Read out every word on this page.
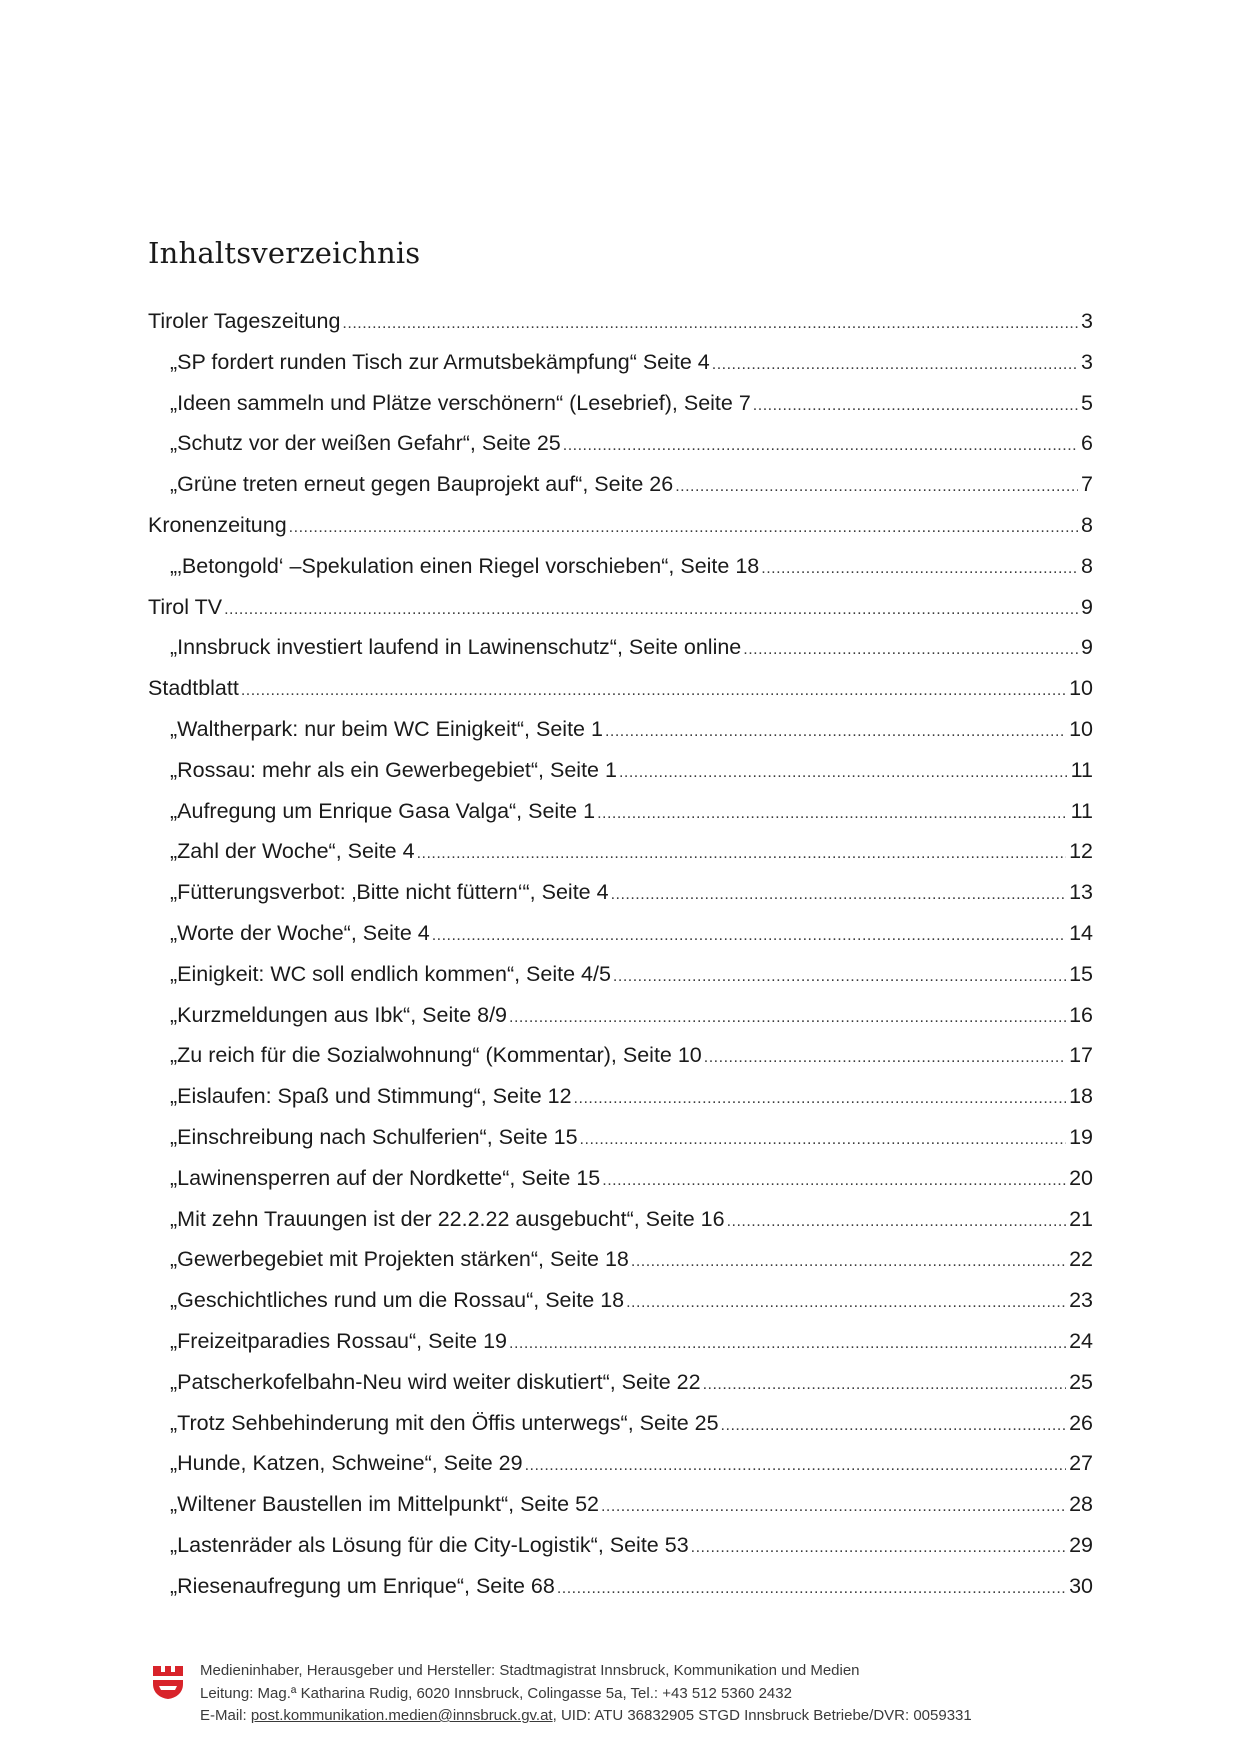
Inhaltsverzeichnis
Tiroler Tageszeitung .....	3
„SP fordert runden Tisch zur Armutsbekämpfung“ Seite 4 .....	3
„Ideen sammeln und Plätze verschönern“ (Lesebrief), Seite 7 .....	5
„Schutz vor der weißen Gefahr“, Seite 25 .....	6
„Grüne treten erneut gegen Bauprojekt auf“, Seite 26 .....	7
Kronenzeitung .....	8
„‚Betongold‘ –Spekulation einen Riegel vorschieben“, Seite 18 .....	8
Tirol TV .....	9
„Innsbruck investiert laufend in Lawinenschutz“, Seite online .....	9
Stadtblatt .....	10
„Waltherpark: nur beim WC Einigkeit“, Seite 1 .....	10
„Rossau: mehr als ein Gewerbegebiet“, Seite 1 .....	11
„Aufregung um Enrique Gasa Valga“, Seite 1 .....	11
„Zahl der Woche“, Seite 4 .....	12
„Fütterungsverbot: ‚Bitte nicht füttern‘“, Seite 4 .....	13
„Worte der Woche“, Seite 4 .....	14
„Einigkeit: WC soll endlich kommen“, Seite 4/5 .....	15
„Kurzmeldungen aus Ibk“, Seite 8/9 .....	16
„Zu reich für die Sozialwohnung“ (Kommentar), Seite 10 .....	17
„Eislaufen: Spaß und Stimmung“, Seite 12 .....	18
„Einschreibung nach Schulferien“, Seite 15 .....	19
„Lawinensperren auf der Nordkette“, Seite 15 .....	20
„Mit zehn Trauungen ist der 22.2.22 ausgebucht“, Seite 16 .....	21
„Gewerbegebiet mit Projekten stärken“, Seite 18 .....	22
„Geschichtliches rund um die Rossau“, Seite 18 .....	23
„Freizeitparadies Rossau“, Seite 19 .....	24
„Patscherkofelbahn-Neu wird weiter diskutiert“, Seite 22 .....	25
„Trotz Sehbehinderung mit den Öffis unterwegs“, Seite 25 .....	26
„Hunde, Katzen, Schweine“, Seite 29 .....	27
„Wiltener Baustellen im Mittelpunkt“, Seite 52 .....	28
„Lastenräder als Lösung für die City-Logistik“, Seite 53 .....	29
„Riesenaufregung um Enrique“, Seite 68 .....	30
Medieninhaber, Herausgeber und Hersteller: Stadtmagistrat Innsbruck, Kommunikation und Medien
Leitung: Mag.ª Katharina Rudig, 6020 Innsbruck, Colingasse 5a, Tel.: +43 512 5360 2432
E-Mail: post.kommunikation.medien@innsbruck.gv.at, UID: ATU 36832905 STGD Innsbruck Betriebe/DVR: 0059331
